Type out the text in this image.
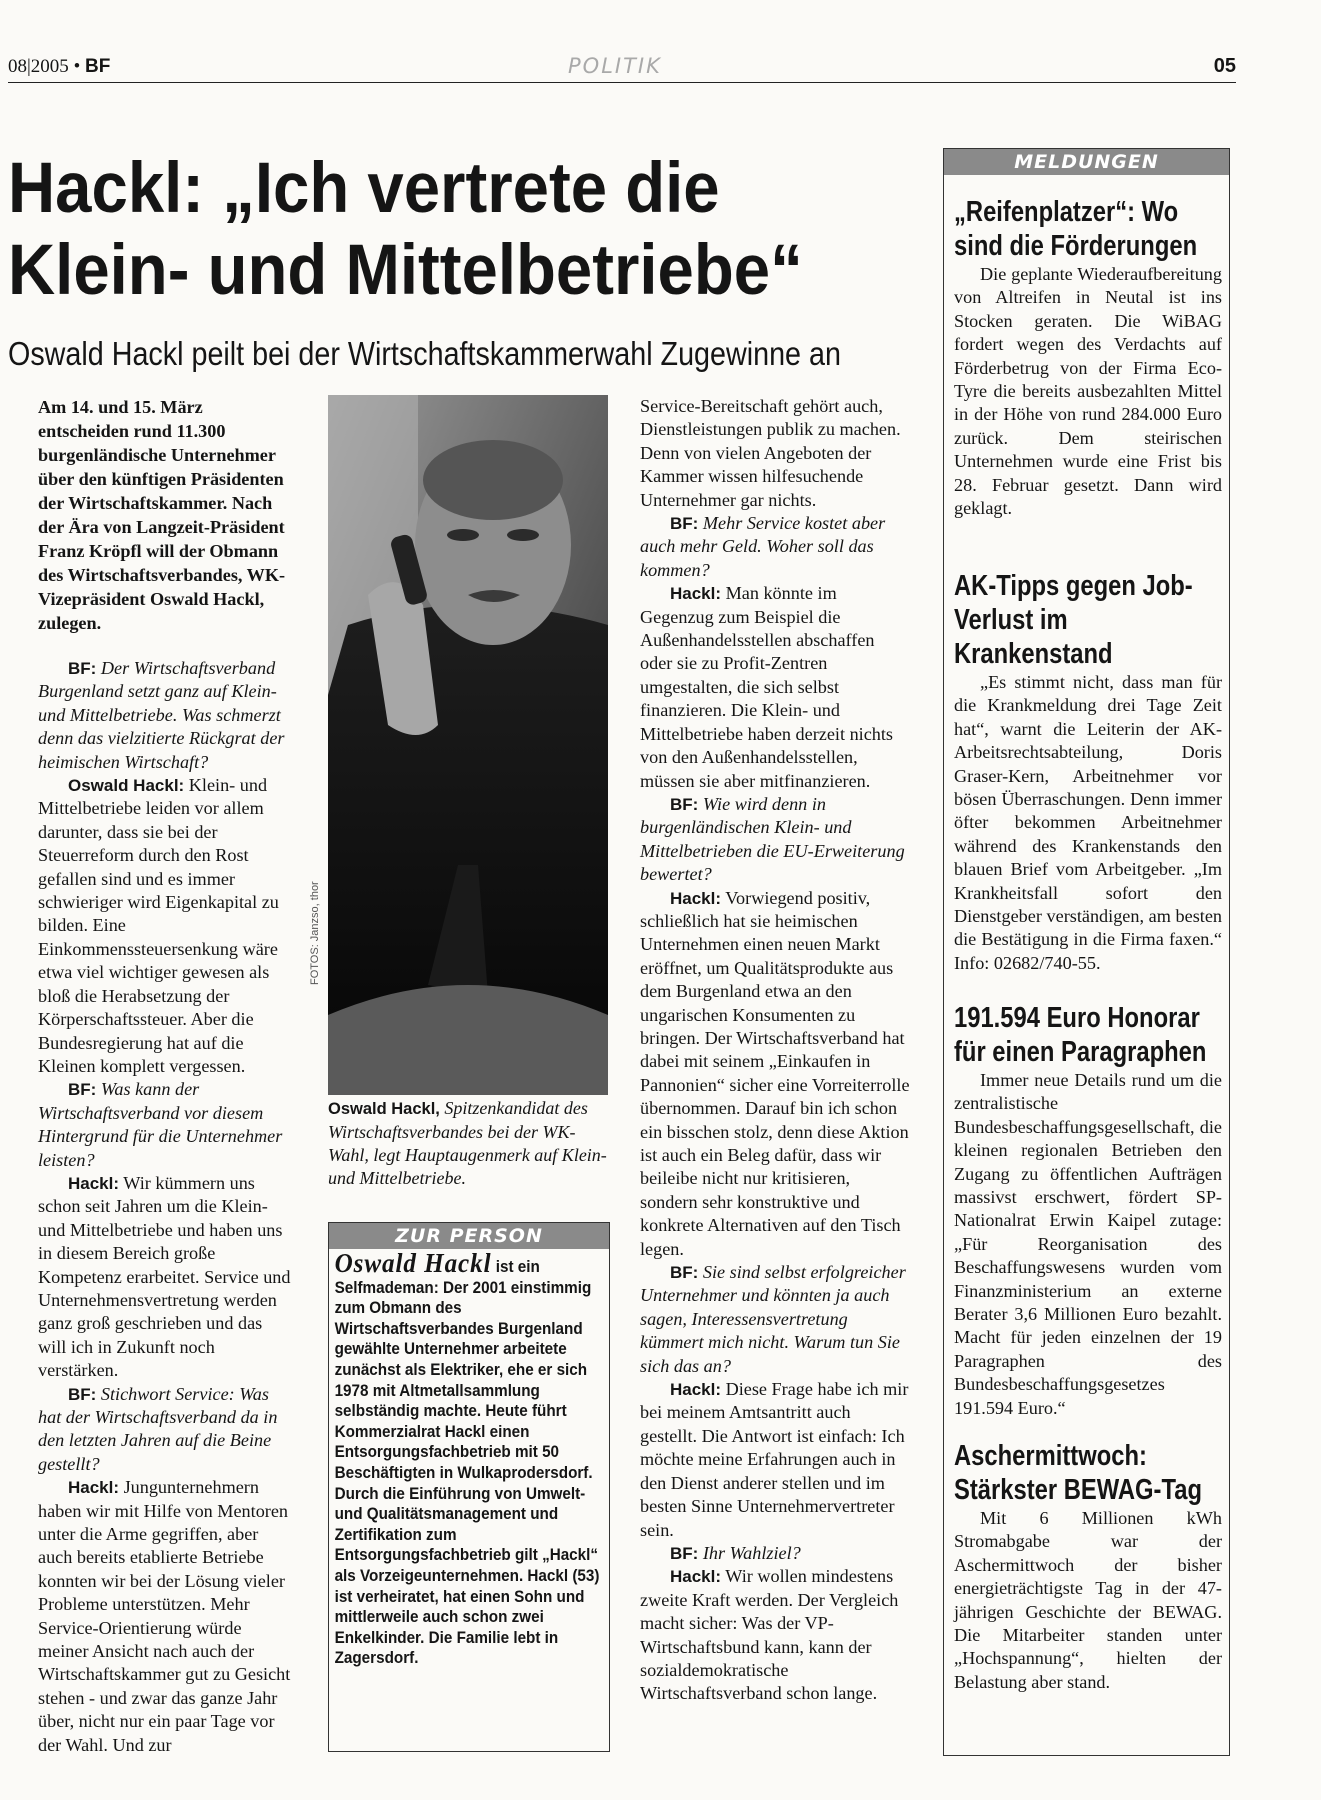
08|2005 • BF	POLITIK	05
Hackl: „Ich vertrete die
Klein- und Mittelbetriebe“
Oswald Hackl peilt bei der Wirtschaftskammerwahl Zugewinne an

Am 14. und 15. März entscheiden rund 11.300 burgenländische Unternehmer über den künftigen Präsidenten der Wirtschaftskammer. Nach der Ära von Langzeit-Präsident Franz Kröpfl will der Obmann des Wirtschaftsverbandes, WK-Vizepräsident Oswald Hackl, zulegen.

BF: Der Wirtschaftsverband Burgenland setzt ganz auf Klein- und Mittelbetriebe. Was schmerzt denn das vielzitierte Rückgrat der heimischen Wirtschaft?

Oswald Hackl: Klein- und Mittelbetriebe leiden vor allem darunter, dass sie bei der Steuerreform durch den Rost gefallen sind und es immer schwieriger wird Eigenkapital zu bilden. Eine Einkommenssteuersenkung wäre etwa viel wichtiger gewesen als bloß die Herabsetzung der Körperschaftssteuer. Aber die Bundesregierung hat auf die Kleinen komplett vergessen.

BF: Was kann der Wirtschaftsverband vor diesem Hintergrund für die Unternehmer leisten?

Hackl: Wir kümmern uns schon seit Jahren um die Klein- und Mittelbetriebe und haben uns in diesem Bereich große Kompetenz erarbeitet. Service und Unternehmensvertretung werden ganz groß geschrieben und das will ich in Zukunft noch verstärken.

BF: Stichwort Service: Was hat der Wirtschaftsverband da in den letzten Jahren auf die Beine gestellt?

Hackl: Jungunternehmern haben wir mit Hilfe von Mentoren unter die Arme gegriffen, aber auch bereits etablierte Betriebe konnten wir bei der Lösung vieler Probleme unterstützen. Mehr Service-Orientierung würde meiner Ansicht nach auch der Wirtschaftskammer gut zu Gesicht stehen - und zwar das ganze Jahr über, nicht nur ein paar Tage vor der Wahl. Und zur

FOTOS: Janzso, thor
Oswald Hackl, Spitzenkandidat des Wirtschaftsverbandes bei der WK-Wahl, legt Hauptaugenmerk auf Klein- und Mittelbetriebe.
ZUR PERSON
Oswald Hackl ist ein Selfmademan: Der 2001 einstimmig zum Obmann des Wirtschaftsverbandes Burgenland gewählte Unternehmer arbeitete zunächst als Elektriker, ehe er sich 1978 mit Altmetallsammlung selbständig machte. Heute führt Kommerzialrat Hackl einen Entsorgungsfachbetrieb mit 50 Beschäftigten in Wulkaprodersdorf. Durch die Einführung von Umwelt- und Qualitätsmanagement und Zertifikation zum Entsorgungsfachbetrieb gilt „Hackl“ als Vorzeigeunternehmen. Hackl (53) ist verheiratet, hat einen Sohn und mittlerweile auch schon zwei Enkelkinder. Die Familie lebt in Zagersdorf.

Service-Bereitschaft gehört auch, Dienstleistungen publik zu machen. Denn von vielen Angeboten der Kammer wissen hilfesuchende Unternehmer gar nichts.

BF: Mehr Service kostet aber auch mehr Geld. Woher soll das kommen?

Hackl: Man könnte im Gegenzug zum Beispiel die Außenhandelsstellen abschaffen oder sie zu Profit-Zentren umgestalten, die sich selbst finanzieren. Die Klein- und Mittelbetriebe haben derzeit nichts von den Außenhandelsstellen, müssen sie aber mitfinanzieren.

BF: Wie wird denn in burgenländischen Klein- und Mittelbetrieben die EU-Erweiterung bewertet?

Hackl: Vorwiegend positiv, schließlich hat sie heimischen Unternehmen einen neuen Markt eröffnet, um Qualitätsprodukte aus dem Burgenland etwa an den ungarischen Konsumenten zu bringen. Der Wirtschaftsverband hat dabei mit seinem „Einkaufen in Pannonien“ sicher eine Vorreiterrolle übernommen. Darauf bin ich schon ein bisschen stolz, denn diese Aktion ist auch ein Beleg dafür, dass wir beileibe nicht nur kritisieren, sondern sehr konstruktive und konkrete Alternativen auf den Tisch legen.

BF: Sie sind selbst erfolgreicher Unternehmer und könnten ja auch sagen, Interessensvertretung kümmert mich nicht. Warum tun Sie sich das an?

Hackl: Diese Frage habe ich mir bei meinem Amtsantritt auch gestellt. Die Antwort ist einfach: Ich möchte meine Erfahrungen auch in den Dienst anderer stellen und im besten Sinne Unternehmervertreter sein.

BF: Ihr Wahlziel?

Hackl: Wir wollen mindestens zweite Kraft werden. Der Vergleich macht sicher: Was der VP-Wirtschaftsbund kann, kann der sozialdemokratische Wirtschaftsverband schon lange.

MELDUNGEN
„Reifenplatzer“: Wo sind die Förderungen

Die geplante Wiederaufbereitung von Altreifen in Neutal ist ins Stocken geraten. Die WiBAG fordert wegen des Verdachts auf Förderbetrug von der Firma Eco-Tyre die bereits ausbezahlten Mittel in der Höhe von rund 284.000 Euro zurück. Dem steirischen Unternehmen wurde eine Frist bis 28. Februar gesetzt. Dann wird geklagt.

AK-Tipps gegen Job-Verlust im Krankenstand

„Es stimmt nicht, dass man für die Krankmeldung drei Tage Zeit hat“, warnt die Leiterin der AK-Arbeitsrechtsabteilung, Doris Graser-Kern, Arbeitnehmer vor bösen Überraschungen. Denn immer öfter bekommen Arbeitnehmer während des Krankenstands den blauen Brief vom Arbeitgeber. „Im Krankheitsfall sofort den Dienstgeber verständigen, am besten die Bestätigung in die Firma faxen.“ Info: 02682/740-55.

191.594 Euro Honorar für einen Paragraphen

Immer neue Details rund um die zentralistische Bundesbeschaffungsgesellschaft, die kleinen regionalen Betrieben den Zugang zu öffentlichen Aufträgen massivst erschwert, fördert SP-Nationalrat Erwin Kaipel zutage: „Für Reorganisation des Beschaffungswesens wurden vom Finanzministerium an externe Berater 3,6 Millionen Euro bezahlt. Macht für jeden einzelnen der 19 Paragraphen des Bundesbeschaffungsgesetzes 191.594 Euro.“

Aschermittwoch: Stärkster BEWAG-Tag

Mit 6 Millionen kWh Stromabgabe war der Aschermittwoch der bisher energieträchtigste Tag in der 47-jährigen Geschichte der BEWAG. Die Mitarbeiter standen unter „Hochspannung“, hielten der Belastung aber stand.
